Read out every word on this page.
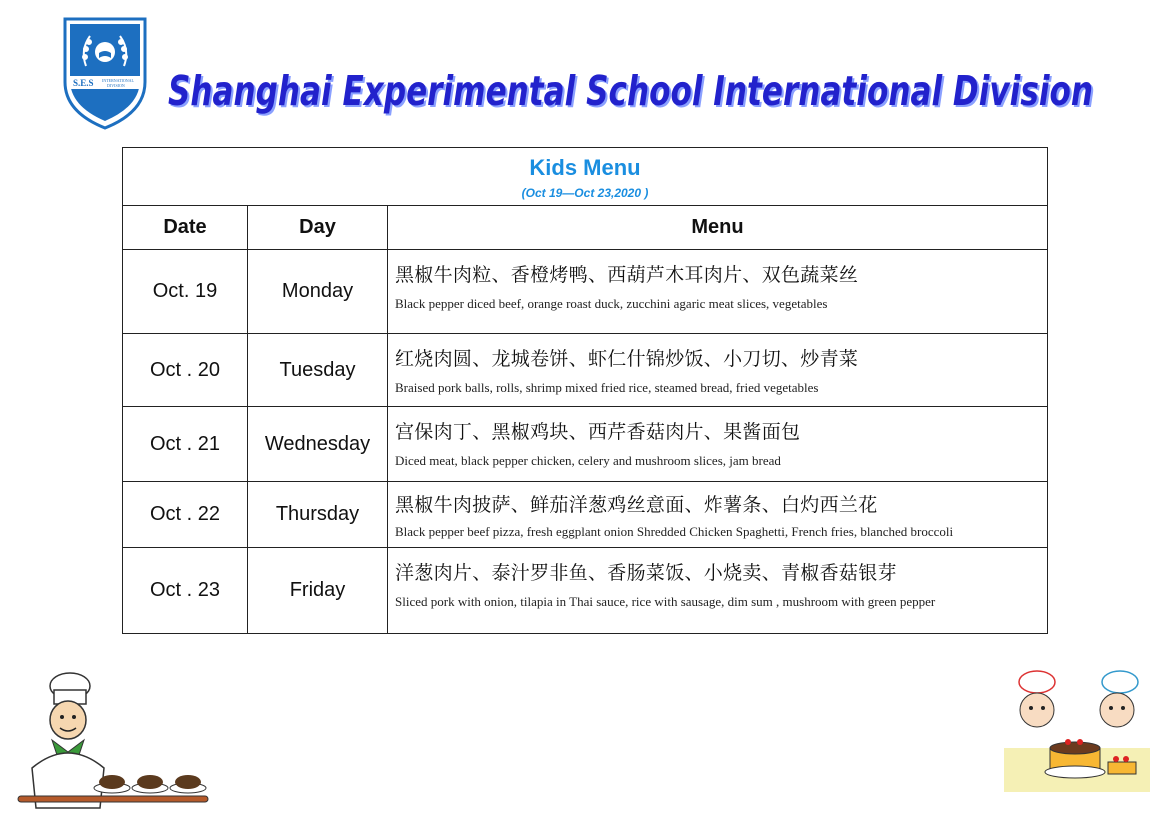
S.E.S INTERNATIONAL
DIVISION Shanghai Experimental School International Division
Kids Menu
(Oct 19—Oct 23,2020 )		

Date	Day	Menu
Oct. 19	Monday	黑椒牛肉粒、香橙烤鸭、西葫芦木耳肉片、双色蔬菜丝
Black pepper diced beef, orange roast duck, zucchini agaric meat slices, vegetables

Oct . 20	Tuesday	红烧肉圆、龙城卷饼、虾仁什锦炒饭、小刀切、炒青菜
Braised pork balls, rolls, shrimp mixed fried rice, steamed bread, fried vegetables

Oct . 21	Wednesday	宫保肉丁、黑椒鸡块、西芹香菇肉片、果酱面包
Diced meat, black pepper chicken, celery and mushroom slices, jam bread

Oct . 22	Thursday	黑椒牛肉披萨、鲜茄洋葱鸡丝意面、炸薯条、白灼西兰花
Black pepper beef pizza, fresh eggplant onion Shredded Chicken Spaghetti, French fries, blanched broccoli

Oct . 23	Friday	洋葱肉片、泰汁罗非鱼、香肠菜饭、小烧卖、青椒香菇银芽
Sliced pork with onion, tilapia in Thai sauce, rice with sausage, dim sum , mushroom with green pepper
